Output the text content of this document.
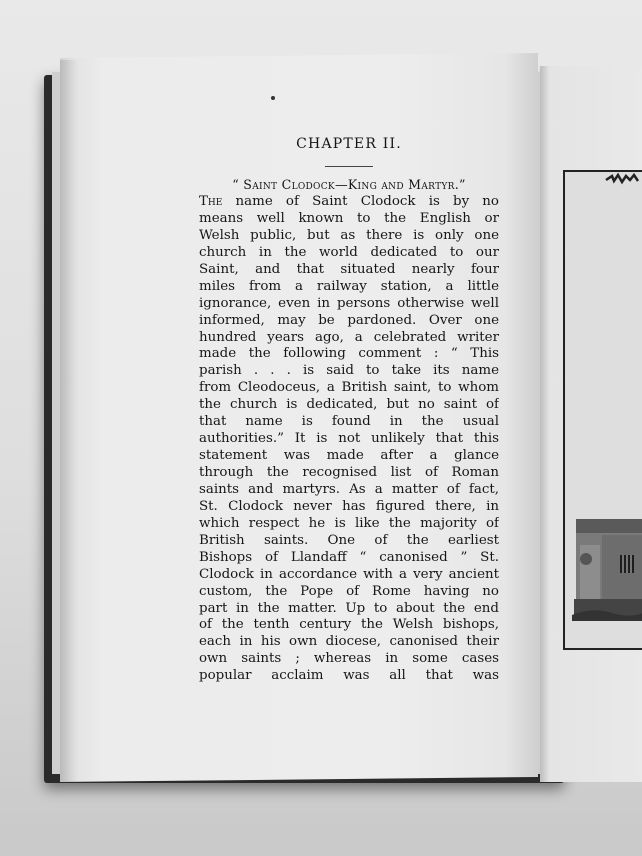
CHAPTER II.
“ Saint Clodock—King and Martyr.”
The name of Saint Clodock is by no
means well known to the English or
Welsh public, but as there is only one
church in the world dedicated to our
Saint, and that situated nearly four
miles from a railway station, a little
ignorance, even in persons otherwise well
informed, may be pardoned. Over one
hundred years ago, a celebrated writer
made the following comment : “ This
parish . . . is said to take its name
from Cleodoceus, a British saint, to whom
the church is dedicated, but no saint of
that name is found in the usual
authorities.” It is not unlikely that this
statement was made after a glance
through the recognised list of Roman
saints and martyrs. As a matter of fact,
St. Clodock never has figured there, in
which respect he is like the majority of
British saints. One of the earliest
Bishops of Llandaff “ canonised ” St.
Clodock in accordance with a very ancient
custom, the Pope of Rome having no
part in the matter. Up to about the end
of the tenth century the Welsh bishops,
each in his own diocese, canonised their
own saints ; whereas in some cases
popular acclaim was all that was
